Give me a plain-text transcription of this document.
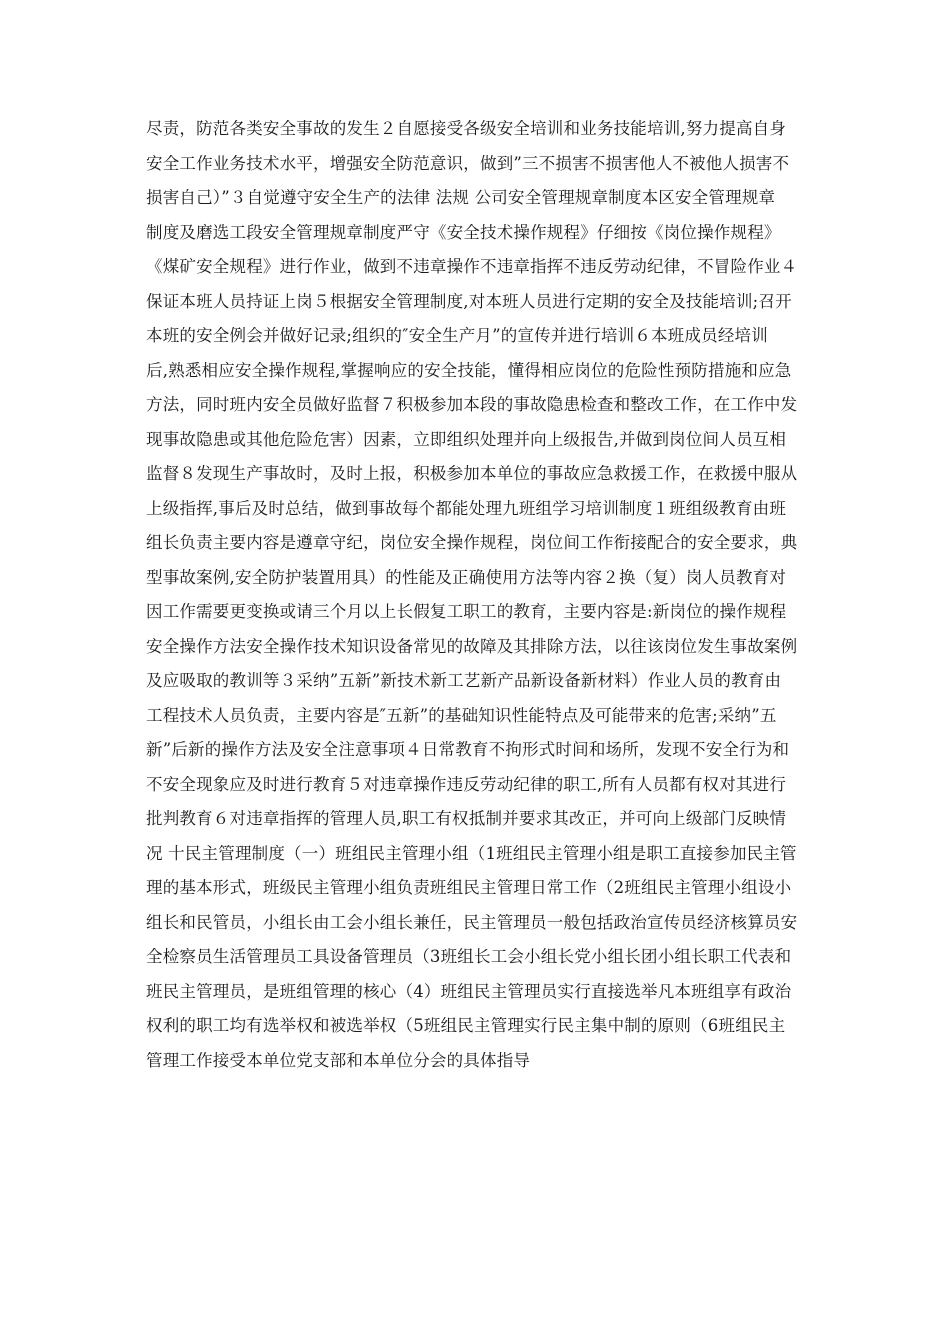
尽责，防范各类安全事故的发生２自愿接受各级安全培训和业务技能培训,努力提高自身
安全工作业务技术水平，增强安全防范意识，做到”三不损害不损害他人不被他人损害不
损害自己）”３自觉遵守安全生产的法律 法规 公司安全管理规章制度本区安全管理规章
制度及磨选工段安全管理规章制度严守《安全技术操作规程》仔细按《岗位操作规程》
《煤矿安全规程》进行作业，做到不违章操作不违章指挥不违反劳动纪律，不冒险作业４
保证本班人员持证上岗５根据安全管理制度,对本班人员进行定期的安全及技能培训;召开
本班的安全例会并做好记录;组织的″安全生产月”的宣传并进行培训６本班成员经培训
后,熟悉相应安全操作规程,掌握响应的安全技能，懂得相应岗位的危险性预防措施和应急
方法，同时班内安全员做好监督７积极参加本段的事故隐患检查和整改工作，在工作中发
现事故隐患或其他危险危害）因素，立即组织处理并向上级报告,并做到岗位间人员互相
监督８发现生产事故时，及时上报，积极参加本单位的事故应急救援工作，在救援中服从
上级指挥,事后及时总结，做到事故每个都能处理九班组学习培训制度１班组级教育由班
组长负责主要内容是遵章守纪，岗位安全操作规程，岗位间工作衔接配合的安全要求，典
型事故案例,安全防护装置用具）的性能及正确使用方法等内容２换（复）岗人员教育对
因工作需要更变换或请三个月以上长假复工职工的教育，主要内容是:新岗位的操作规程
安全操作方法安全操作技术知识设备常见的故障及其排除方法，以往该岗位发生事故案例
及应吸取的教训等３采纳”五新”新技术新工艺新产品新设备新材料）作业人员的教育由
工程技术人员负责，主要内容是″五新”的基础知识性能特点及可能带来的危害;采纳”五
新”后新的操作方法及安全注意事项４日常教育不拘形式时间和场所，发现不安全行为和
不安全现象应及时进行教育５对违章操作违反劳动纪律的职工,所有人员都有权对其进行
批判教育６对违章指挥的管理人员,职工有权抵制并要求其改正，并可向上级部门反映情
况 十民主管理制度（一）班组民主管理小组（1班组民主管理小组是职工直接参加民主管
理的基本形式，班级民主管理小组负责班组民主管理日常工作（2班组民主管理小组设小
组长和民管员，小组长由工会小组长兼任，民主管理员一般包括政治宣传员经济核算员安
全检察员生活管理员工具设备管理员（3班组长工会小组长党小组长团小组长职工代表和
班民主管理员，是班组管理的核心（4）班组民主管理员实行直接选举凡本班组享有政治
权利的职工均有选举权和被选举权（5班组民主管理实行民主集中制的原则（6班组民主
管理工作接受本单位党支部和本单位分会的具体指导
